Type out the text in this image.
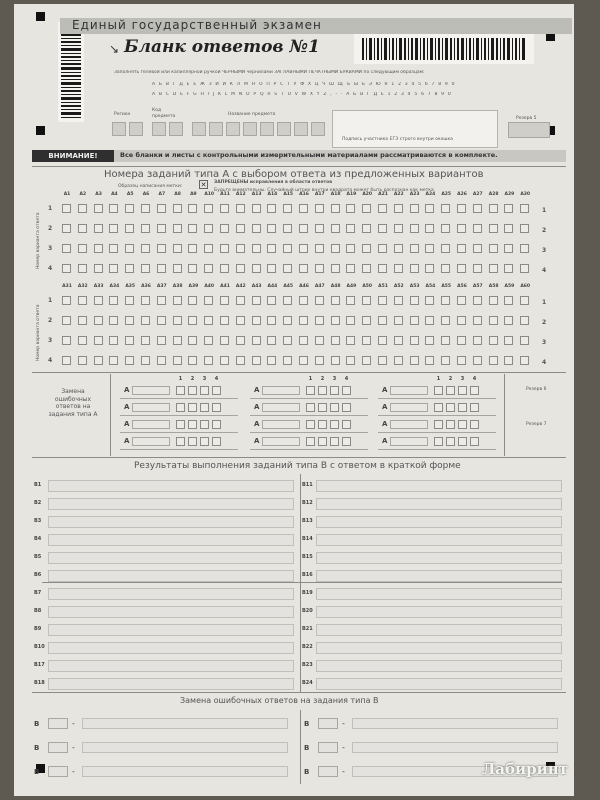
Единый государственный экзамен
↘ Бланк ответов №1
Заполнять гелевой или капиллярной ручкой ЧЕРНЫМИ чернилами ЗАГЛАВНЫМИ ПЕЧАТНЫМИ БУКВАМИ по следующим образцам:
А Б В Г Д Е Ё Ж З И Й К Л М Н О П Р С Т У Ф Х Ц Ч Ш Щ Ъ Ы Ь Э Ю Я 1 2 3 4 5 6 7 8 9 0
A B C D E F G H I J K L M N O P Q R S T U V W X Y Z , - · А Б В Г Д Е 1 2 3 4 5 6 7 8 9 0
Регион
Код предмета	Название предмета
Подпись участника ЕГЭ строго внутри окошка
Резерв 5
ВНИМАНИЕ!	Все бланки и листы с контрольными измерительными материалами рассматриваются в комплекте.
Номера заданий типа А с выбором ответа из предложенных вариантов
Образец написания метки:	✕	ЗАПРЕЩЕНЫ исправления в области ответов
Будьте внимательны. Случайный штрих внутри квадрата может быть распознан как метка
Номер варианта ответа
Номер варианта ответа
A1	A2	A3	A4	A5	A6	A7	A8	A9	A10	A11	A12	A13	A14	A15	A16	A17	A18	A19	A20	A21	A22	A23	A24	A25	A26	A27	A28	A29	A30
1	1
2	2
3	3
4	4
A31	A32	A33	A34	A35	A36	A37	A38	A39	A40	A41	A42	A43	A44	A45	A46	A47	A48	A49	A50	A51	A52	A53	A54	A55	A56	A57	A58	A59	A60
1	1
2	2
3	3
4	4
Замена ошибочных ответов на задания типа А
1	2	3	4
А
А
А
А
1	2	3	4
А
А
А
А
1	2	3	4
А
А
А
А
Резерв 6
Резерв 7
Результаты выполнения заданий типа В с ответом в краткой форме
B1
B2
B3
B4
B5
B6
B11
B12
B13
B14
B15
B16
B7
B8
B9
B10
B17
B18
B19
B20
B21
B22
B23
B24
Замена ошибочных ответов на задания типа В
В	-
В	-
В	-
В	-
В	-
В	-	Лабиринт
